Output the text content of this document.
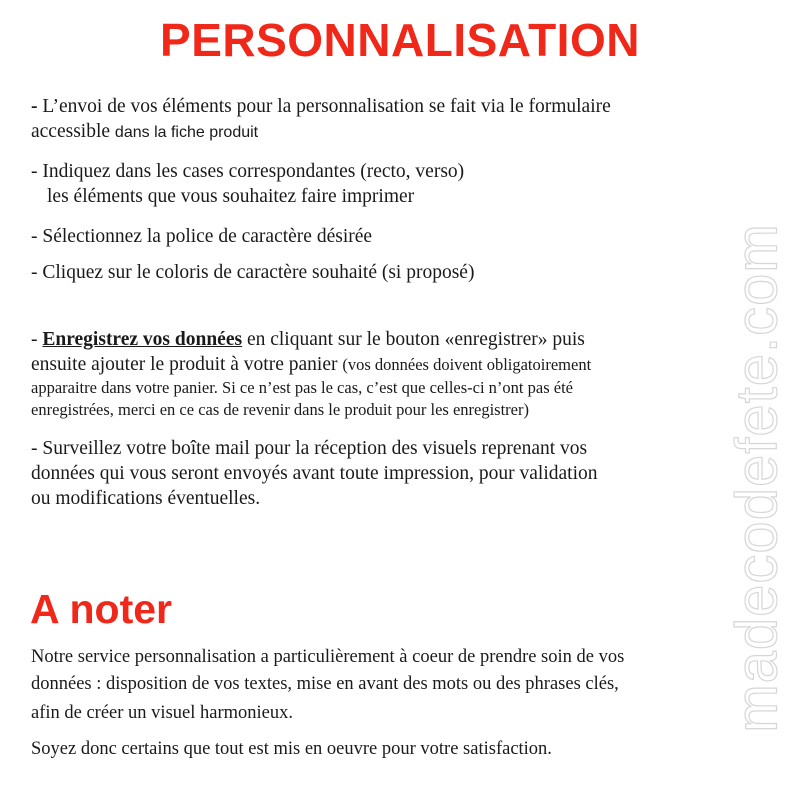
PERSONNALISATION
- L’envoi de vos éléments pour la personnalisation se fait via le formulaire
accessible dans la fiche produit
- Indiquez dans les cases correspondantes (recto, verso)
les éléments que vous souhaitez faire imprimer
- Sélectionnez la police de caractère désirée
- Cliquez sur le coloris de caractère souhaité (si proposé)
- Enregistrez vos données en cliquant sur le bouton «enregistrer» puis
ensuite ajouter le produit à votre panier (vos données doivent obligatoirement
apparaitre dans votre panier. Si ce n’est pas le cas, c’est que celles-ci n’ont pas été
enregistrées, merci en ce cas de revenir dans le produit pour les enregistrer)
- Surveillez votre boîte mail pour la réception des visuels reprenant vos
données qui vous seront envoyés avant toute impression, pour validation
ou modifications éventuelles.
A noter
Notre service personnalisation a particulièrement à coeur de prendre soin de vos
données : disposition de vos textes, mise en avant des mots ou des phrases clés,
afin de créer un visuel harmonieux.
Soyez donc certains que tout est mis en oeuvre pour votre satisfaction.
madecodefete.com
